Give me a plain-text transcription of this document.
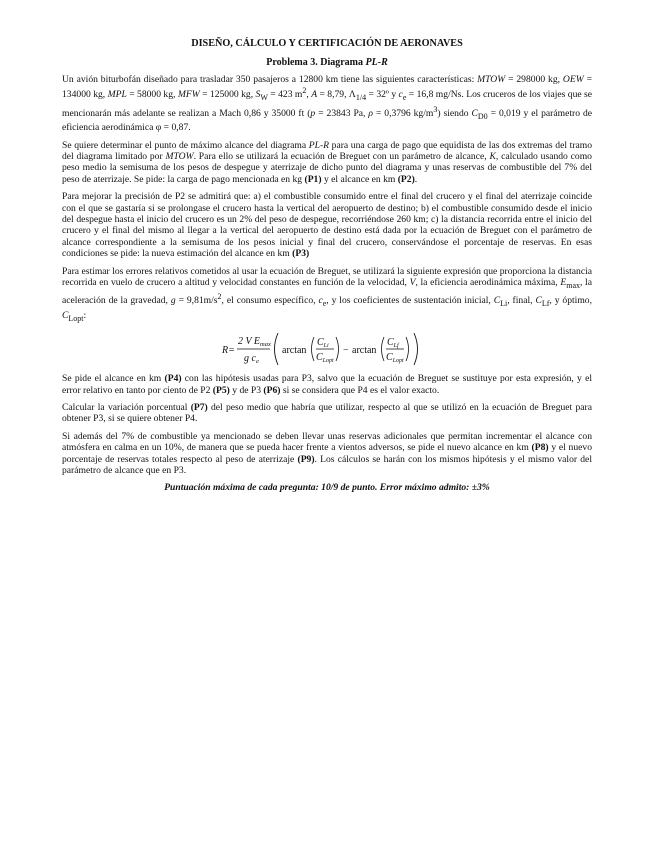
DISEÑO, CÁLCULO Y CERTIFICACIÓN DE AERONAVES
Problema 3. Diagrama PL-R

Un avión biturbofán diseñado para trasladar 350 pasajeros a 12800 km tiene las siguientes características: MTOW = 298000 kg, OEW = 134000 kg, MPL = 58000 kg, MFW = 125000 kg, $S_W = 423$ $m^2$, A = 8,79, $\Lambda_{1/4}$ = 32º y $c_e = 16,8$ mg/Ns. Los cruceros de los viajes que se mencionarán más adelante se realizan a Mach 0,86 y 35000 ft (p = 23843 Pa, ρ = 0,3796 $kg/m^3$) siendo $C_{D0} = 0,019$ y el parámetro de eficiencia aerodinámica φ = 0,87.

Se quiere determinar el punto de máximo alcance del diagrama PL-R para una carga de pago que equidista de las dos extremas del tramo del diagrama limitado por MTOW. Para ello se utilizará la ecuación de Breguet con un parámetro de alcance, K, calculado usando como peso medio la semisuma de los pesos de despegue y aterrizaje de dicho punto del diagrama y unas reservas de combustible del 7% del peso de aterrizaje. Se pide: la carga de pago mencionada en kg (P1) y el alcance en km (P2).

Para mejorar la precisión de P2 se admitirá que: a) el combustible consumido entre el final del crucero y el final del aterrizaje coincide con el que se gastaría si se prolongase el crucero hasta la vertical del aeropuerto de destino; b) el combustible consumido desde el inicio del despegue hasta el inicio del crucero es un 2% del peso de despegue, recorriéndose 260 km; c) la distancia recorrida entre el inicio del crucero y el final del mismo al llegar a la vertical del aeropuerto de destino está dada por la ecuación de Breguet con el parámetro de alcance correspondiente a la semisuma de los pesos inicial y final del crucero, conservándose el porcentaje de reservas. En esas condiciones se pide: la nueva estimación del alcance en km (P3)

Para estimar los errores relativos cometidos al usar la ecuación de Breguet, se utilizará la siguiente expresión que proporciona la distancia recorrida en vuelo de crucero a altitud y velocidad constantes en función de la velocidad, V, la eficiencia aerodinámica máxima, $E_{max}$, la aceleración de la gravedad, $g = 9,81m/s^2$, el consumo específico, $c_e$, y los coeficientes de sustentación inicial, $C_{Li}$, final, $C_{Lf}$, y óptimo, $C_{Lopt}$:

R=
2 V $E_{max}$
g $c_e$
arctan
$C_{Li}$
$C_{Lopt}$
− arctan
$C_{Lf}$
$C_{Lopt}$

Se pide el alcance en km (P4) con las hipótesis usadas para P3, salvo que la ecuación de Breguet se sustituye por esta expresión, y el error relativo en tanto por ciento de P2 (P5) y de P3 (P6) si se considera que P4 es el valor exacto.

Calcular la variación porcentual (P7) del peso medio que habría que utilizar, respecto al que se utilizó en la ecuación de Breguet para obtener P3, si se quiere obtener P4.

Si además del 7% de combustible ya mencionado se deben llevar unas reservas adicionales que permitan incrementar el alcance con atmósfera en calma en un 10%, de manera que se pueda hacer frente a vientos adversos, se pide el nuevo alcance en km (P8) y el nuevo porcentaje de reservas totales respecto al peso de aterrizaje (P9). Los cálculos se harán con los mismos hipótesis y el mismo valor del parámetro de alcance que en P3.

Puntuación máxima de cada pregunta: 10/9 de punto. Error máximo admito: ±3%
